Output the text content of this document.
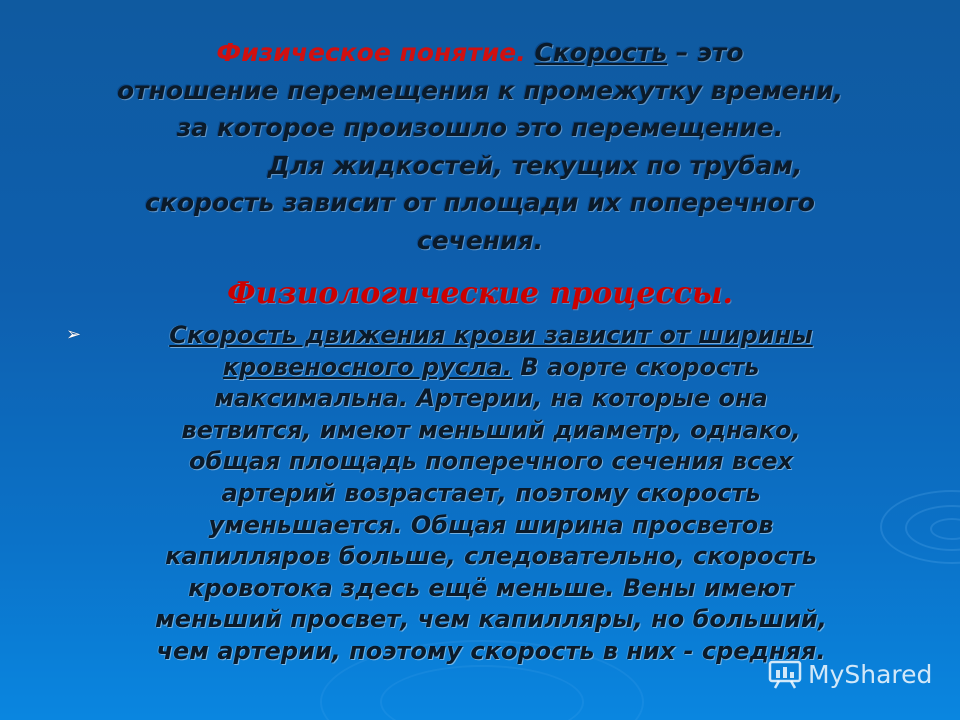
Физическое понятие. Скорость – это
отношение перемещения к промежутку времени,
за которое произошло это перемещение.
Для жидкостей, текущих по трубам,
скорость зависит от площади их поперечного
сечения.
Физиологические процессы.
➢	Скорость движения крови зависит от ширины
кровеносного русла. В аорте скорость
максимальна. Артерии, на которые она
ветвится, имеют меньший диаметр, однако,
общая площадь поперечного сечения всех
артерий возрастает, поэтому скорость
уменьшается. Общая ширина просветов
капилляров больше, следовательно, скорость
кровотока здесь ещё меньше. Вены имеют
меньший просвет, чем капилляры, но больший,
чем артерии, поэтому скорость в них - средняя.
MyShared
